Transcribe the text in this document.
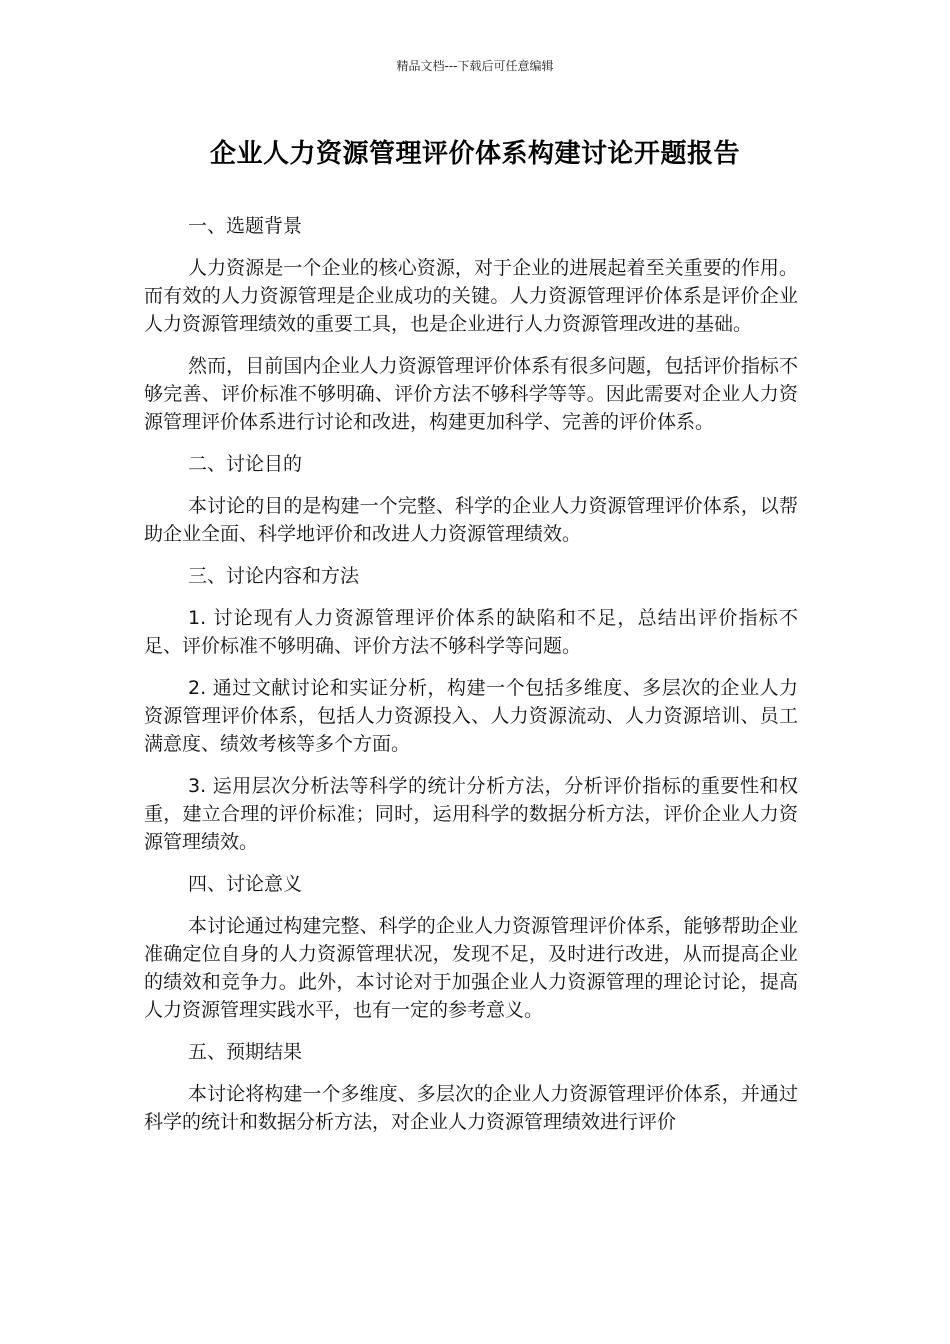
精品文档---下载后可任意编辑
企业人力资源管理评价体系构建讨论开题报告

一、选题背景

人力资源是一个企业的核心资源，对于企业的进展起着至关重要的作用。而有效的人力资源管理是企业成功的关键。人力资源管理评价体系是评价企业人力资源管理绩效的重要工具，也是企业进行人力资源管理改进的基础。

然而，目前国内企业人力资源管理评价体系有很多问题，包括评价指标不够完善、评价标准不够明确、评价方法不够科学等等。因此需要对企业人力资源管理评价体系进行讨论和改进，构建更加科学、完善的评价体系。

二、讨论目的

本讨论的目的是构建一个完整、科学的企业人力资源管理评价体系，以帮助企业全面、科学地评价和改进人力资源管理绩效。

三、讨论内容和方法

1. 讨论现有人力资源管理评价体系的缺陷和不足，总结出评价指标不足、评价标准不够明确、评价方法不够科学等问题。

2. 通过文献讨论和实证分析，构建一个包括多维度、多层次的企业人力资源管理评价体系，包括人力资源投入、人力资源流动、人力资源培训、员工满意度、绩效考核等多个方面。

3. 运用层次分析法等科学的统计分析方法，分析评价指标的重要性和权重，建立合理的评价标准；同时，运用科学的数据分析方法，评价企业人力资源管理绩效。

四、讨论意义

本讨论通过构建完整、科学的企业人力资源管理评价体系，能够帮助企业准确定位自身的人力资源管理状况，发现不足，及时进行改进，从而提高企业的绩效和竞争力。此外，本讨论对于加强企业人力资源管理的理论讨论，提高人力资源管理实践水平，也有一定的参考意义。

五、预期结果

本讨论将构建一个多维度、多层次的企业人力资源管理评价体系，并通过科学的统计和数据分析方法，对企业人力资源管理绩效进行评价
